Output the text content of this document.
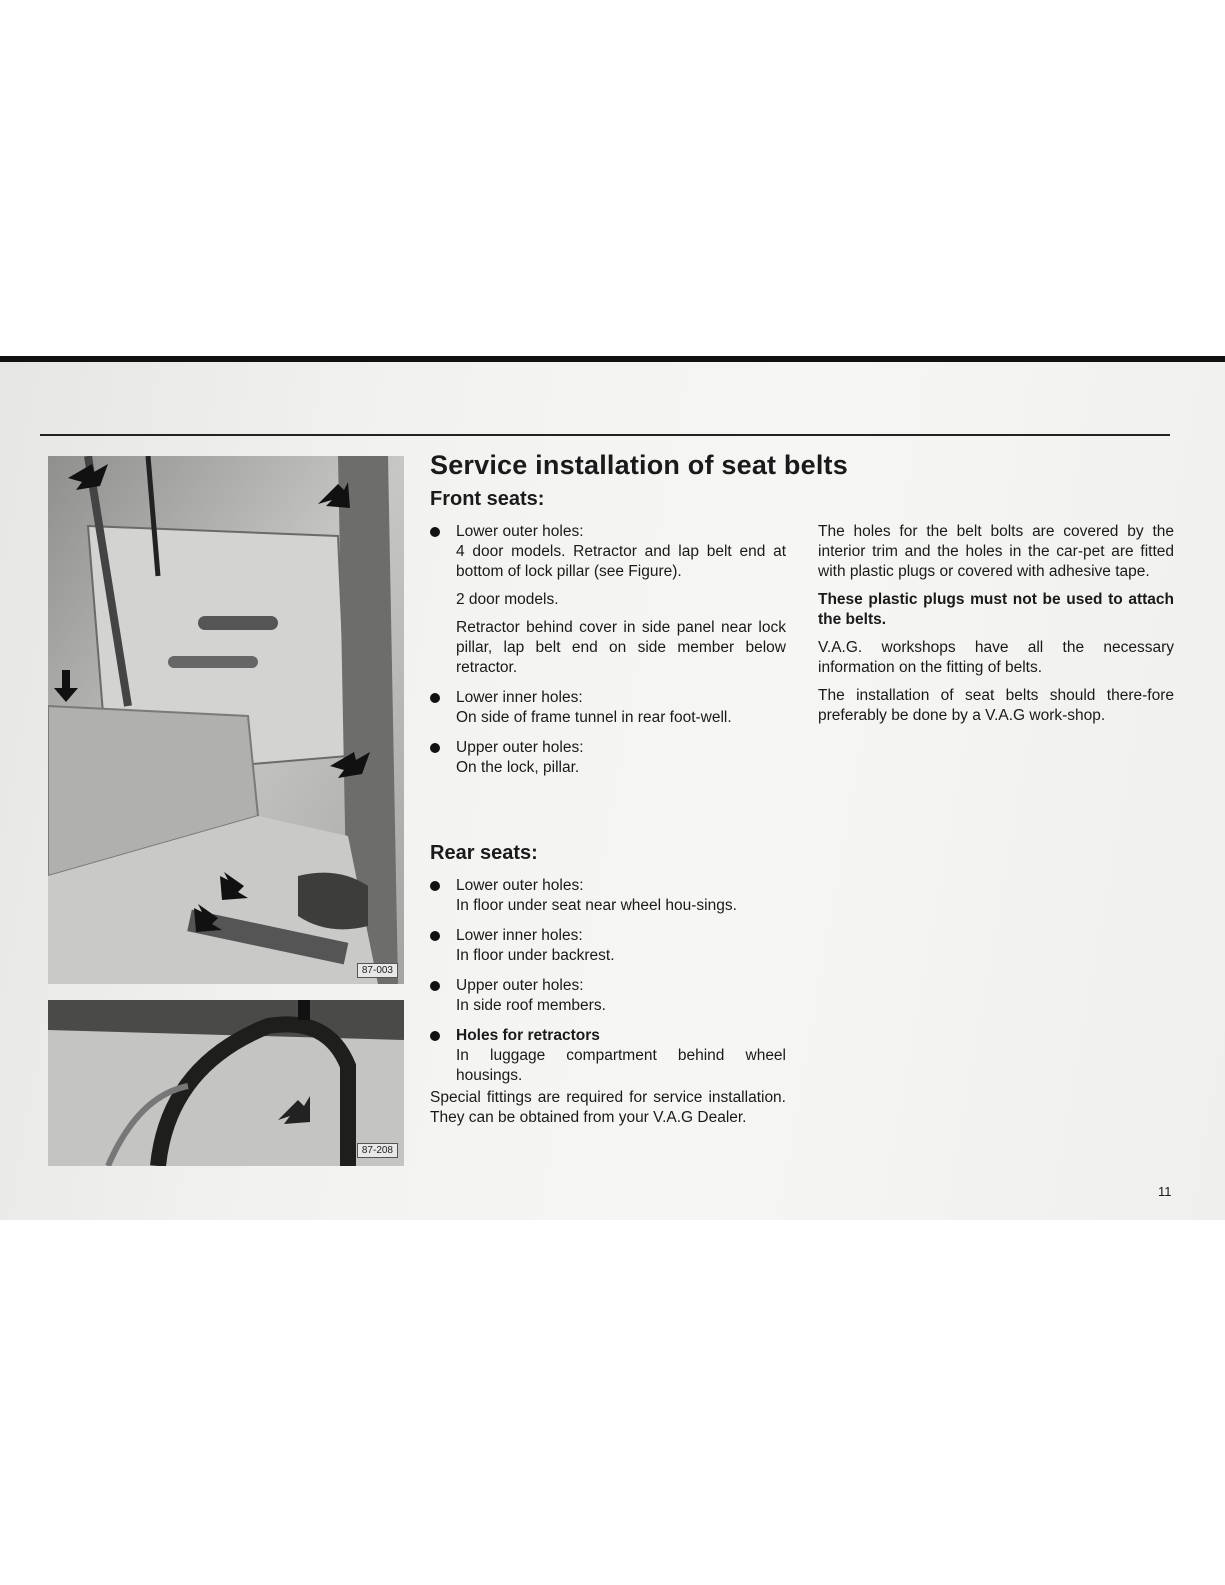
87-003
87-208
Service installation of seat belts
Front seats:
Lower outer holes:
4 door models. Retractor and lap belt end at bottom of lock pillar (see Figure).
2 door models.
Retractor behind cover in side panel near lock pillar, lap belt end on side member below retractor.
Lower inner holes:
On side of frame tunnel in rear foot-well.
Upper outer holes:
On the lock, pillar.
Rear seats:
Lower outer holes:
In floor under seat near wheel hou-sings.
Lower inner holes:
In floor under backrest.
Upper outer holes:
In side roof members.
Holes for retractors
In luggage compartment behind wheel housings.

Special fittings are required for service installation. They can be obtained from your V.A.G Dealer.

The holes for the belt bolts are covered by the interior trim and the holes in the car-pet are fitted with plastic plugs or covered with adhesive tape.

These plastic plugs must not be used to attach the belts.

V.A.G. workshops have all the necessary information on the fitting of belts.

The installation of seat belts should there-fore preferably be done by a V.A.G work-shop.

11
